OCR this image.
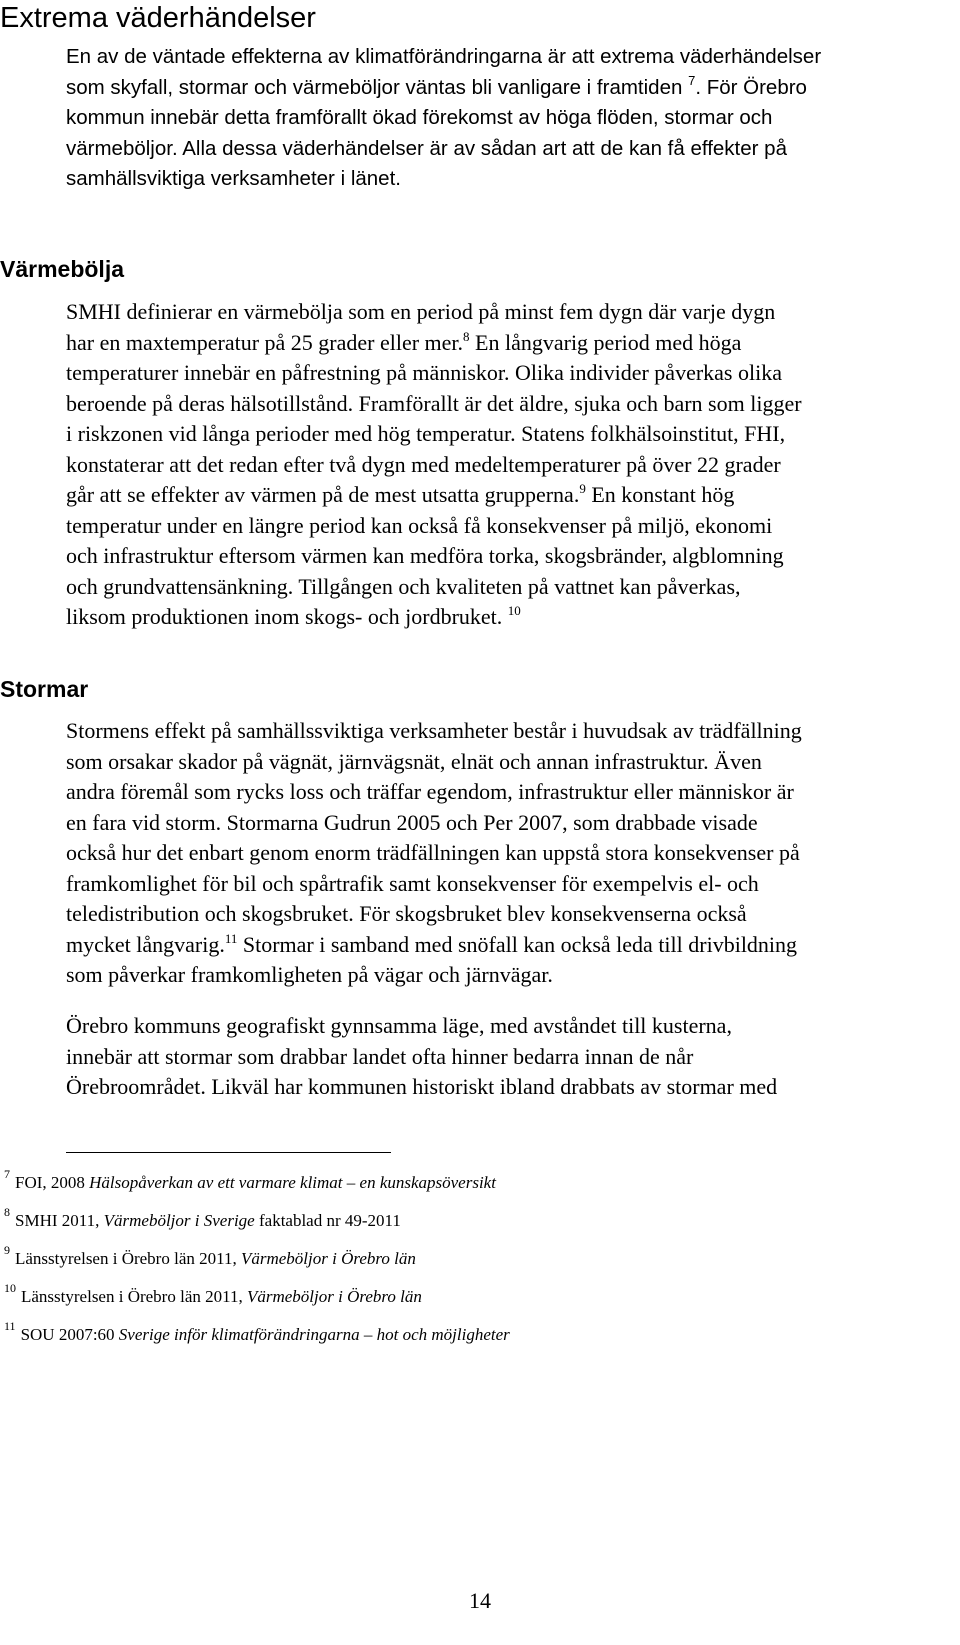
Extrema väderhändelser
En av de väntade effekterna av klimatförändringarna är att extrema väderhändelser
som skyfall, stormar och värmeböljor väntas bli vanligare i framtiden $^7$. För Örebro
kommun innebär detta framförallt ökad förekomst av höga flöden, stormar och
värmeböljor. Alla dessa väderhändelser är av sådan art att de kan få effekter på
samhällsviktiga verksamheter i länet.
Värmebölja
SMHI definierar en värmebölja som en period på minst fem dygn där varje dygn
har en maxtemperatur på 25 grader eller mer.$^8$ En långvarig period med höga
temperaturer innebär en påfrestning på människor. Olika individer påverkas olika
beroende på deras hälsotillstånd. Framförallt är det äldre, sjuka och barn som ligger
i riskzonen vid långa perioder med hög temperatur. Statens folkhälsoinstitut, FHI,
konstaterar att det redan efter två dygn med medeltemperaturer på över 22 grader
går att se effekter av värmen på de mest utsatta grupperna.$^9$ En konstant hög
temperatur under en längre period kan också få konsekvenser på miljö, ekonomi
och infrastruktur eftersom värmen kan medföra torka, skogsbränder, algblomning
och grundvattensänkning. Tillgången och kvaliteten på vattnet kan påverkas,
liksom produktionen inom skogs- och jordbruket. $^{10}$
Stormar
Stormens effekt på samhällssviktiga verksamheter består i huvudsak av trädfällning
som orsakar skador på vägnät, järnvägsnät, elnät och annan infrastruktur. Även
andra föremål som rycks loss och träffar egendom, infrastruktur eller människor är
en fara vid storm. Stormarna Gudrun 2005 och Per 2007, som drabbade visade
också hur det enbart genom enorm trädfällningen kan uppstå stora konsekvenser på
framkomlighet för bil och spårtrafik samt konsekvenser för exempelvis el- och
teledistribution och skogsbruket. För skogsbruket blev konsekvenserna också
mycket långvarig.$^{11}$ Stormar i samband med snöfall kan också leda till drivbildning
som påverkar framkomligheten på vägar och järnvägar.
Örebro kommuns geografiskt gynnsamma läge, med avståndet till kusterna,
innebär att stormar som drabbar landet ofta hinner bedarra innan de når
Örebroområdet. Likväl har kommunen historiskt ibland drabbats av stormar med
$^7$ FOI, 2008 Hälsopåverkan av ett varmare klimat – en kunskapsöversikt
$^8$ SMHI 2011, Värmeböljor i Sverige faktablad nr 49-2011
$^9$ Länsstyrelsen i Örebro län 2011, Värmeböljor i Örebro län
$^{10}$ Länsstyrelsen i Örebro län 2011, Värmeböljor i Örebro län
$^{11}$ SOU 2007:60 Sverige inför klimatförändringarna – hot och möjligheter

14
